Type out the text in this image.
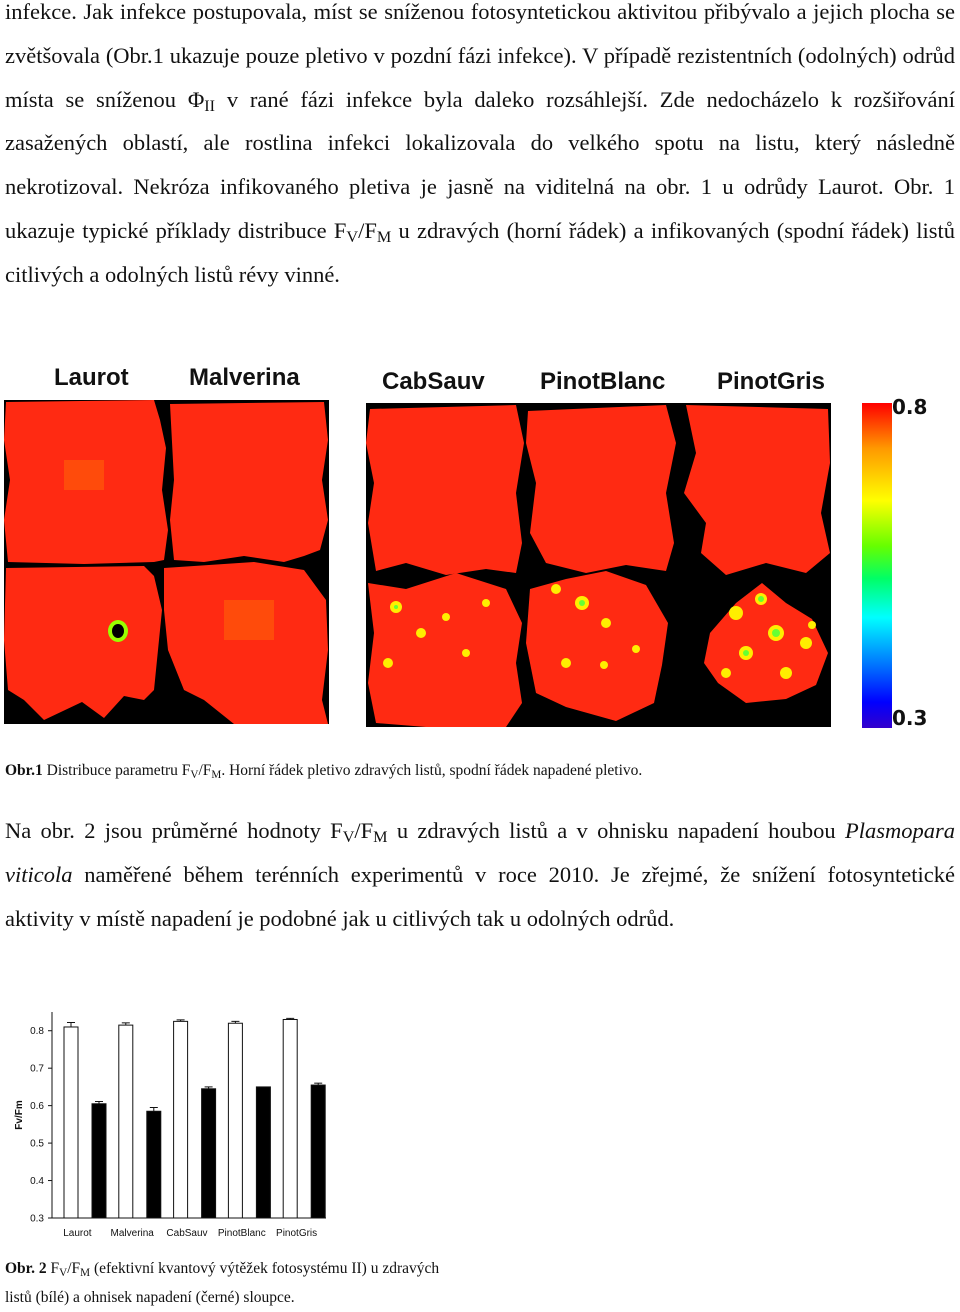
infekce. Jak infekce postupovala, míst se sníženou fotosyntetickou aktivitou přibývalo a jejich plocha se zvětšovala (Obr.1 ukazuje pouze pletivo v pozdní fázi infekce). V případě rezistentních (odolných) odrůd místa se sníženou $\Phi_{II}$ v rané fázi infekce byla daleko rozsáhlejší. Zde nedocházelo k rozšiřování zasažených oblastí, ale rostlina infekci lokalizovala do velkého spotu na listu, který následně nekrotizoval. Nekróza infikovaného pletiva je jasně na viditelná na obr. 1 u odrůdy Laurot. Obr. 1 ukazuje typické příklady distribuce $F_V/F_M$ u zdravých (horní řádek) a infikovaných (spodní řádek) listů citlivých a odolných listů révy vinné.

Laurot	Malverina	CabSauv PinotBlanc PinotGris
0.8
0.3

Obr.1 Distribuce parametru $F_V/F_M$. Horní řádek pletivo zdravých listů, spodní řádek napadené pletivo.

Na obr. 2 jsou průměrné hodnoty $F_V/F_M$ u zdravých listů a v ohnisku napadení houbou Plasmopara viticola naměřené během terénních experimentů v roce 2010. Je zřejmé, že snížení fotosyntetické aktivity v místě napadení je podobné jak u citlivých tak u odolných odrůd.

0.3
0.4
0.5
0.6
0.7
0.8
Fv/Fm
Laurot Malverina CabSauv PinotBlanc PinotGris

Obr. 2 $F_V/F_M$ (efektivní kvantový výtěžek fotosystému II) u zdravých listů (bílé) a ohnisek napadení (černé) sloupce.
